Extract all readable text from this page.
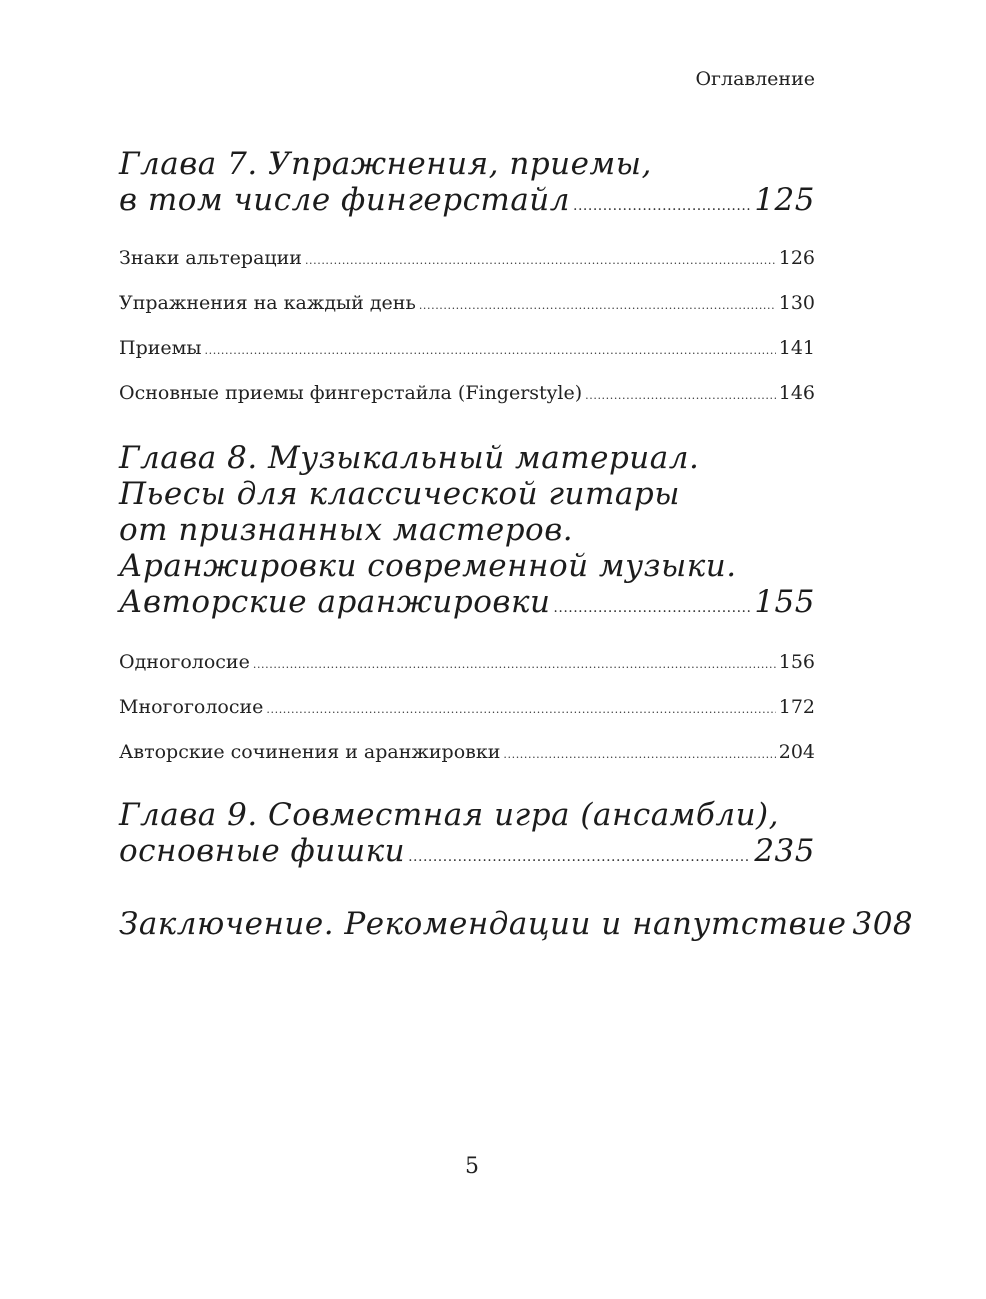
Оглавление
Глава 7. Упражнения, приемы,
в том числе фингерстайл .....	125
Знаки альтерации .....	126
Упражнения на каждый день .....	130
Приемы .....	141
Основные приемы фингерстайла (Fingerstyle) .....	146
Глава 8. Музыкальный материал.
Пьесы для классической гитары
от признанных мастеров.
Аранжировки современной музыки.
Авторские аранжировки .....	155
Одноголосие .....	156
Многоголосие .....	172
Авторские сочинения и аранжировки .....	204
Глава 9. Совместная игра (ансамбли),
основные фишки .....	235
Заключение. Рекомендации и напутствие 308
5
